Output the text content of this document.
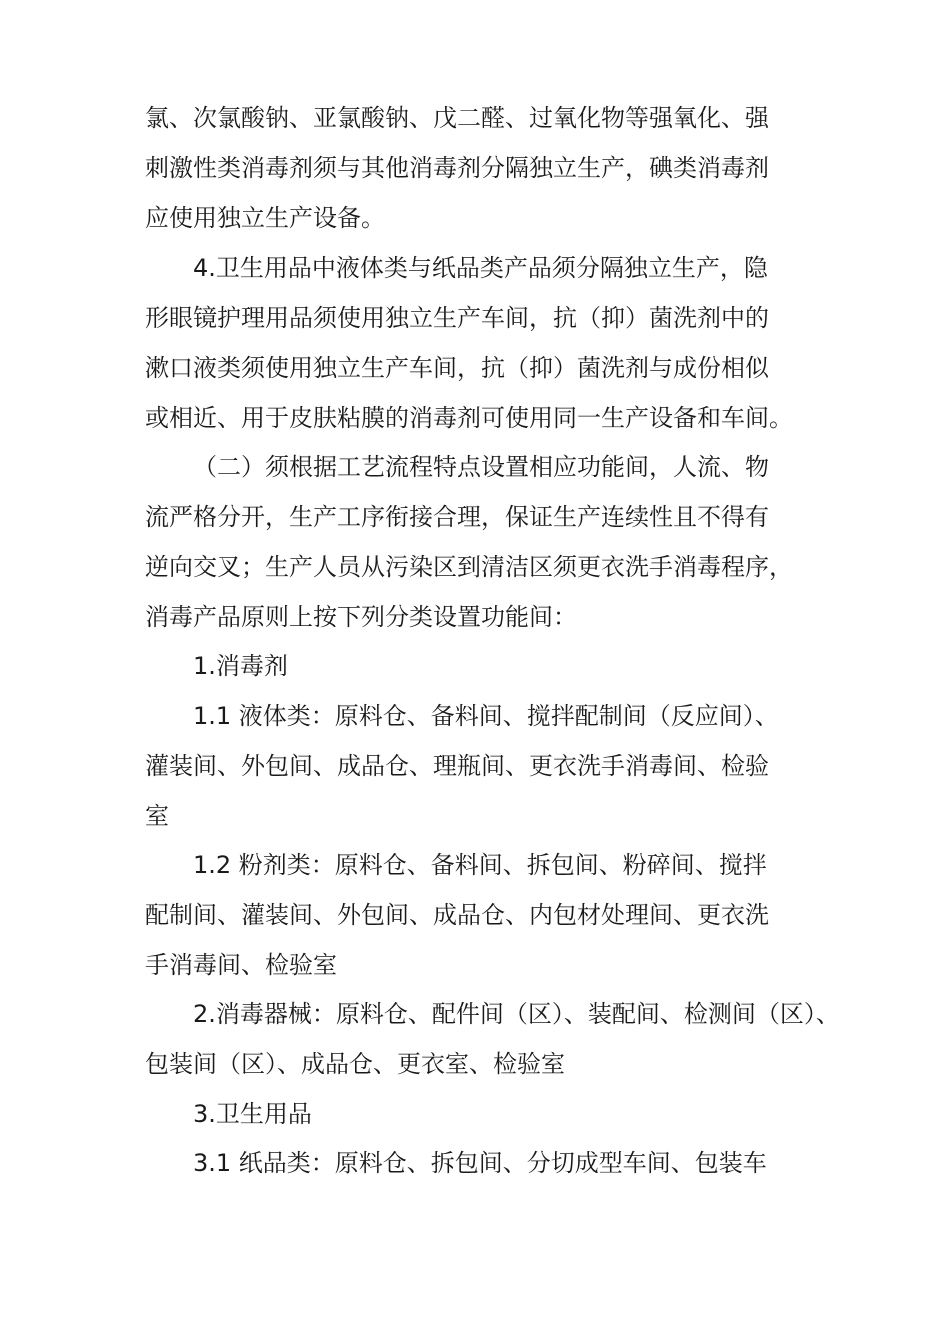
氯、次氯酸钠、亚氯酸钠、戊二醛、过氧化物等强氧化、强
刺激性类消毒剂须与其他消毒剂分隔独立生产，碘类消毒剂
应使用独立生产设备。
4.卫生用品中液体类与纸品类产品须分隔独立生产，隐
形眼镜护理用品须使用独立生产车间，抗（抑）菌洗剂中的
漱口液类须使用独立生产车间，抗（抑）菌洗剂与成份相似
或相近、用于皮肤粘膜的消毒剂可使用同一生产设备和车间。
（二）须根据工艺流程特点设置相应功能间，人流、物
流严格分开，生产工序衔接合理，保证生产连续性且不得有
逆向交叉；生产人员从污染区到清洁区须更衣洗手消毒程序，
消毒产品原则上按下列分类设置功能间：
1.消毒剂
1.1 液体类：原料仓、备料间、搅拌配制间（反应间）、
灌装间、外包间、成品仓、理瓶间、更衣洗手消毒间、检验
室
1.2 粉剂类：原料仓、备料间、拆包间、粉碎间、搅拌
配制间、灌装间、外包间、成品仓、内包材处理间、更衣洗
手消毒间、检验室
2.消毒器械：原料仓、配件间（区）、装配间、检测间（区）、
包装间（区）、成品仓、更衣室、检验室
3.卫生用品
3.1 纸品类：原料仓、拆包间、分切成型车间、包装车
